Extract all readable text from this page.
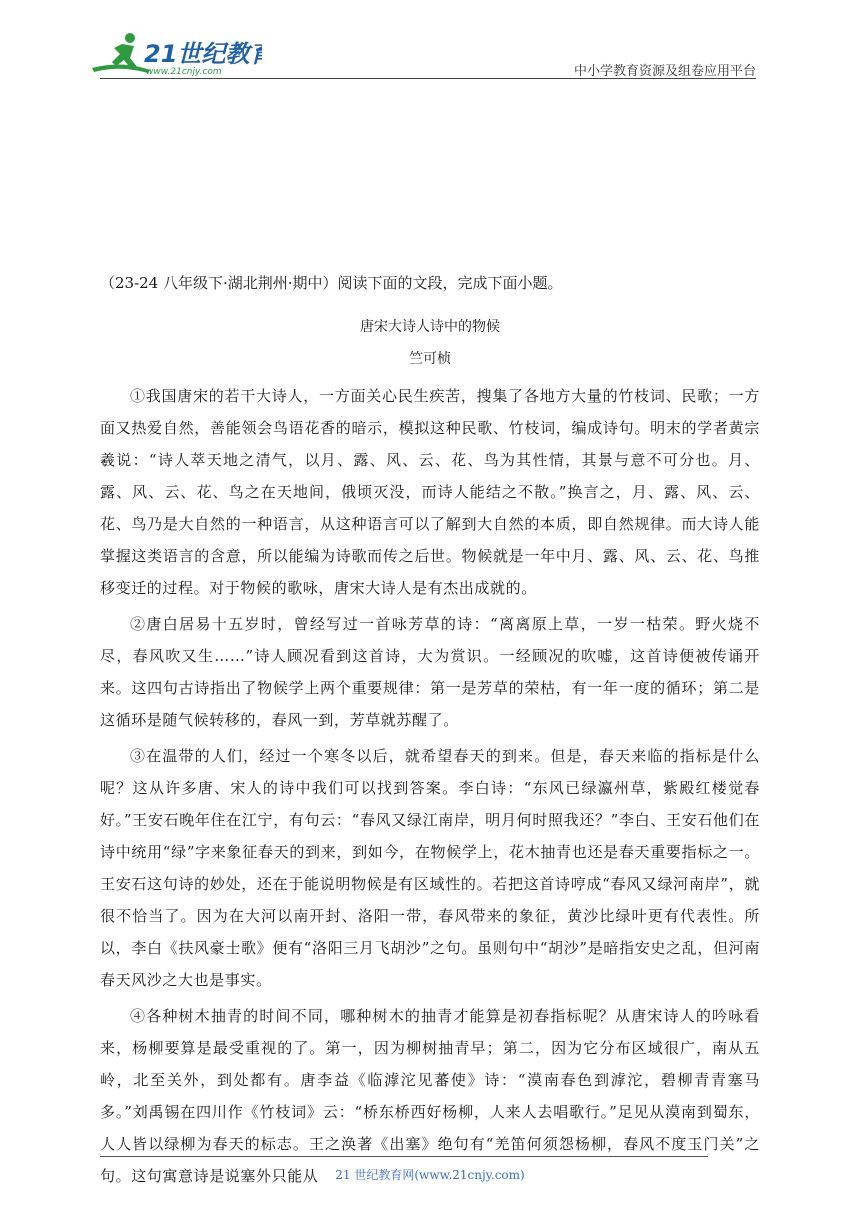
21世纪教育
www.21cnjy.com	中小学教育资源及组卷应用平台

（23-24 八年级下·湖北荆州·期中）阅读下面的文段，完成下面小题。

唐宋大诗人诗中的物候

竺可桢

①我国唐宋的若干大诗人，一方面关心民生疾苦，搜集了各地方大量的竹枝词、民歌；一方面又热爱自然，善能领会鸟语花香的暗示，模拟这种民歌、竹枝词，编成诗句。明末的学者黄宗羲说：“诗人萃天地之清气，以月、露、风、云、花、鸟为其性情，其景与意不可分也。月、露、风、云、花、鸟之在天地间，俄顷灭没，而诗人能结之不散。”换言之，月、露、风、云、花、鸟乃是大自然的一种语言，从这种语言可以了解到大自然的本质，即自然规律。而大诗人能掌握这类语言的含意，所以能编为诗歌而传之后世。物候就是一年中月、露、风、云、花、鸟推移变迁的过程。对于物候的歌咏，唐宋大诗人是有杰出成就的。

②唐白居易十五岁时，曾经写过一首咏芳草的诗：“离离原上草，一岁一枯荣。野火烧不尽，春风吹又生……”诗人顾况看到这首诗，大为赏识。一经顾况的吹嘘，这首诗便被传诵开来。这四句古诗指出了物候学上两个重要规律：第一是芳草的荣枯，有一年一度的循环；第二是这循环是随气候转移的，春风一到，芳草就苏醒了。

③在温带的人们，经过一个寒冬以后，就希望春天的到来。但是，春天来临的指标是什么呢？这从许多唐、宋人的诗中我们可以找到答案。李白诗：“东风已绿瀛州草，紫殿红楼觉春好。”王安石晚年住在江宁，有句云：“春风又绿江南岸，明月何时照我还？”李白、王安石他们在诗中统用“绿”字来象征春天的到来，到如今，在物候学上，花木抽青也还是春天重要指标之一。王安石这句诗的妙处，还在于能说明物候是有区域性的。若把这首诗哼成“春风又绿河南岸”，就很不恰当了。因为在大河以南开封、洛阳一带，春风带来的象征，黄沙比绿叶更有代表性。所以，李白《扶风豪士歌》便有“洛阳三月飞胡沙”之句。虽则句中“胡沙”是暗指安史之乱，但河南春天风沙之大也是事实。

④各种树木抽青的时间不同，哪种树木的抽青才能算是初春指标呢？从唐宋诗人的吟咏看来，杨柳要算是最受重视的了。第一，因为柳树抽青早；第二，因为它分布区域很广，南从五岭，北至关外，到处都有。唐李益《临滹沱见蕃使》诗：“漠南春色到滹沱，碧柳青青塞马多。”刘禹锡在四川作《竹枝词》云：“桥东桥西好杨柳，人来人去唱歌行。”足见从漠南到蜀东，人人皆以绿柳为春天的标志。王之涣著《出塞》绝句有“羌笛何须怨杨柳，春风不度玉门关”之句。这句寓意诗是说塞外只能从	21 世纪教育网(www.21cnjy.com)
